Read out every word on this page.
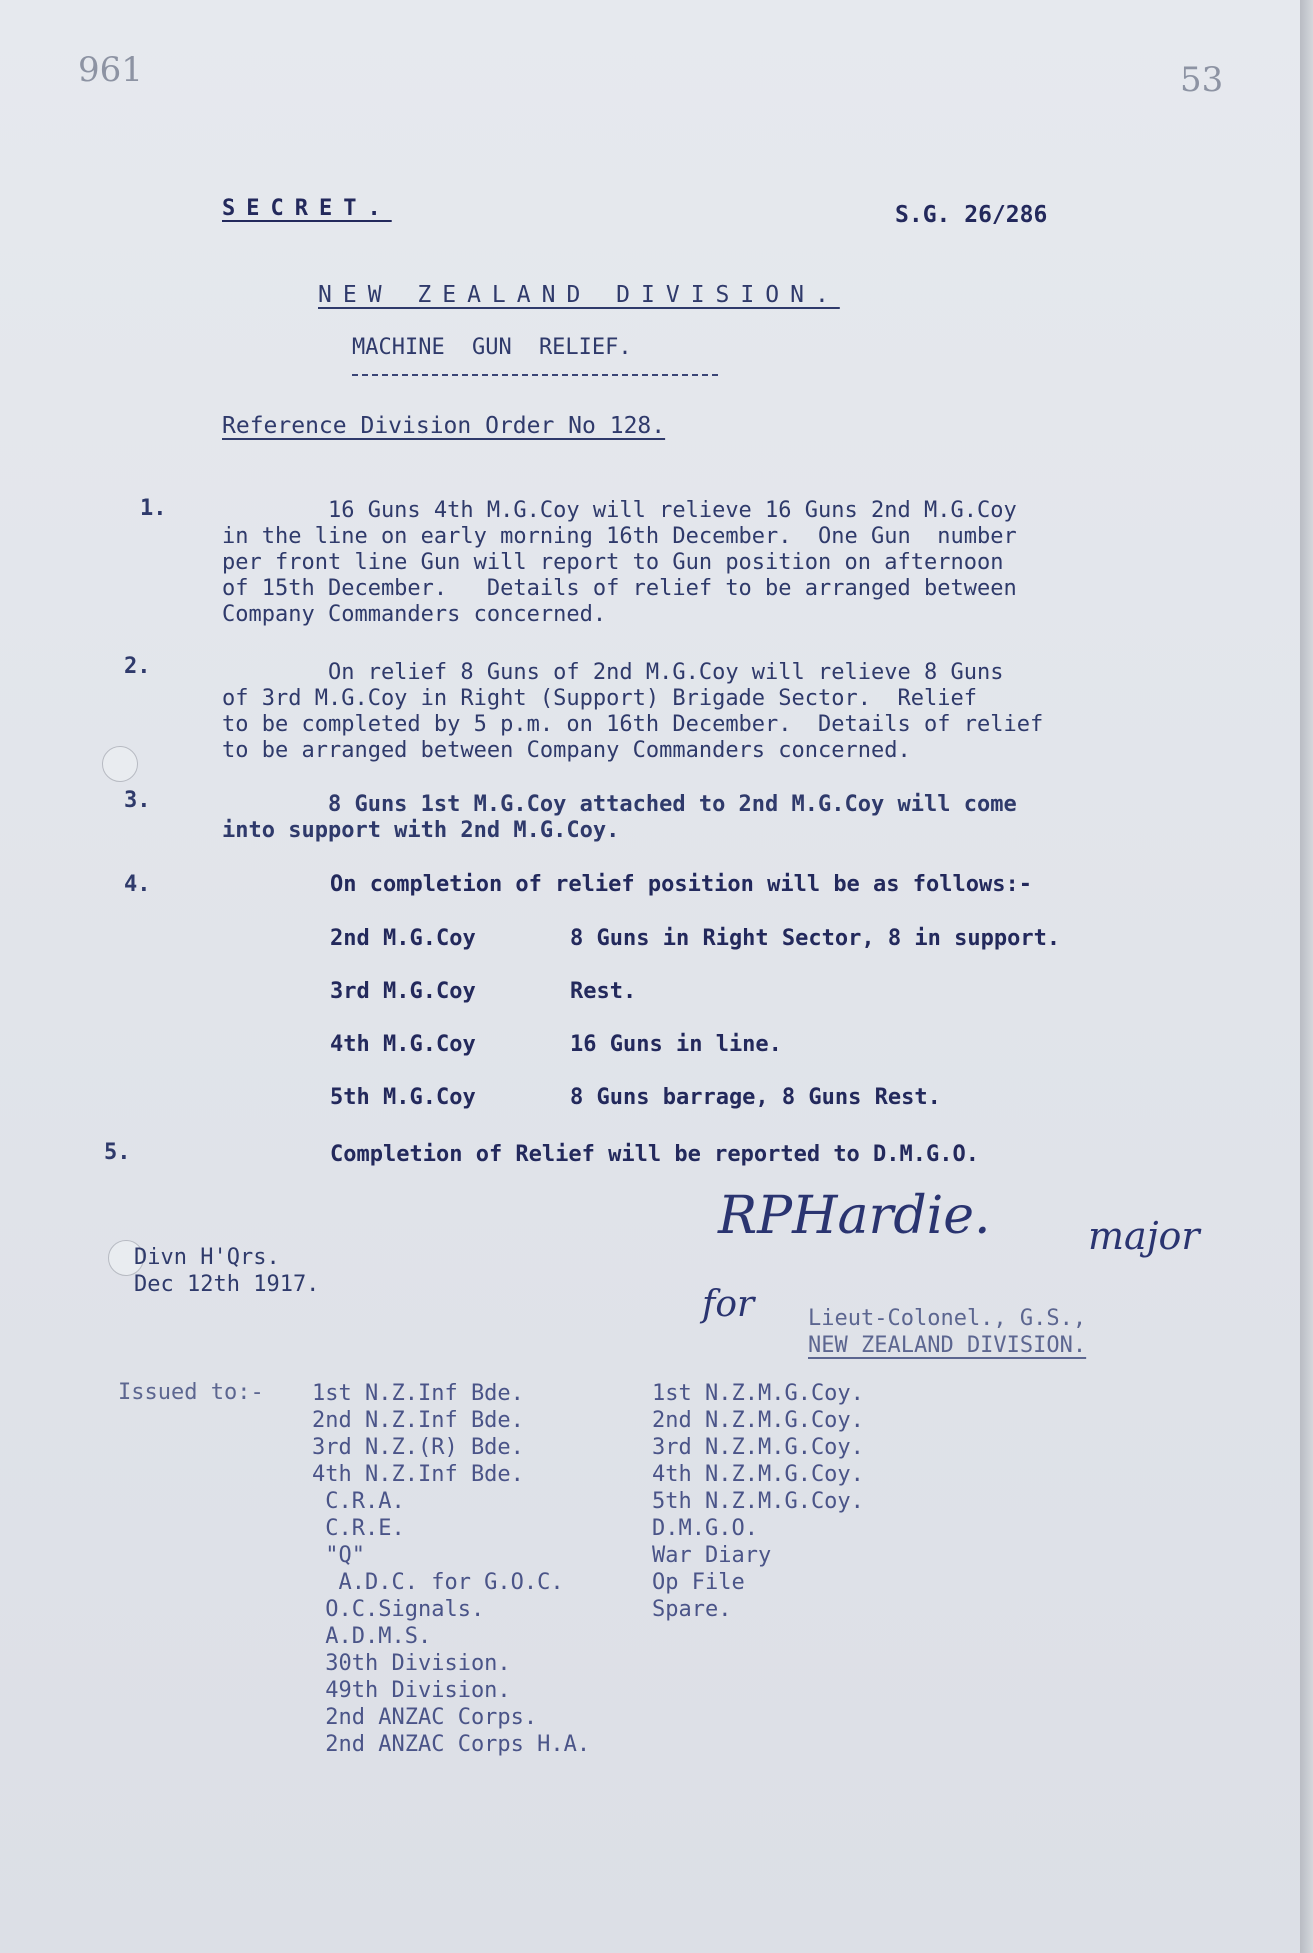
961	53
SECRET.	S.G. 26/286
NEW ZEALAND DIVISION.
MACHINE GUN RELIEF.
Reference Division Order No 128.
1.	16 Guns 4th M.G.Coy will relieve 16 Guns 2nd M.G.Coy

in the line on early morning 16th December.  One Gun  number

per front line Gun will report to Gun position on afternoon

of 15th December.   Details of relief to be arranged between

Company Commanders concerned.

2.	On relief 8 Guns of 2nd M.G.Coy will relieve 8 Guns

of 3rd M.G.Coy in Right (Support) Brigade Sector.  Relief

to be completed by 5 p.m. on 16th December.  Details of relief

to be arranged between Company Commanders concerned.

3.	8 Guns 1st M.G.Coy attached to 2nd M.G.Coy will come

into support with 2nd M.G.Coy.

4.	On completion of relief position will be as follows:-
2nd M.G.Coy	8 Guns in Right Sector, 8 in support.
3rd M.G.Coy	Rest.
4th M.G.Coy	16 Guns in line.
5th M.G.Coy	8 Guns barrage, 8 Guns Rest.
5.	Completion of Relief will be reported to D.M.G.O.
RPHardie.	major
for
Divn H'Qrs.
Dec 12th 1917.
Lieut-Colonel., G.S.,
NEW ZEALAND DIVISION.
Issued to:- 1st N.Z.Inf Bde.
2nd N.Z.Inf Bde.
3rd N.Z.(R) Bde.
4th N.Z.Inf Bde.
C.R.A.
C.R.E.
"Q"
A.D.C. for G.O.C.
O.C.Signals.
A.D.M.S.
30th Division.
49th Division.
2nd ANZAC Corps.
2nd ANZAC Corps H.A.
1st N.Z.M.G.Coy.
2nd N.Z.M.G.Coy.
3rd N.Z.M.G.Coy.
4th N.Z.M.G.Coy.
5th N.Z.M.G.Coy.
D.M.G.O.
War Diary
Op File
Spare.
